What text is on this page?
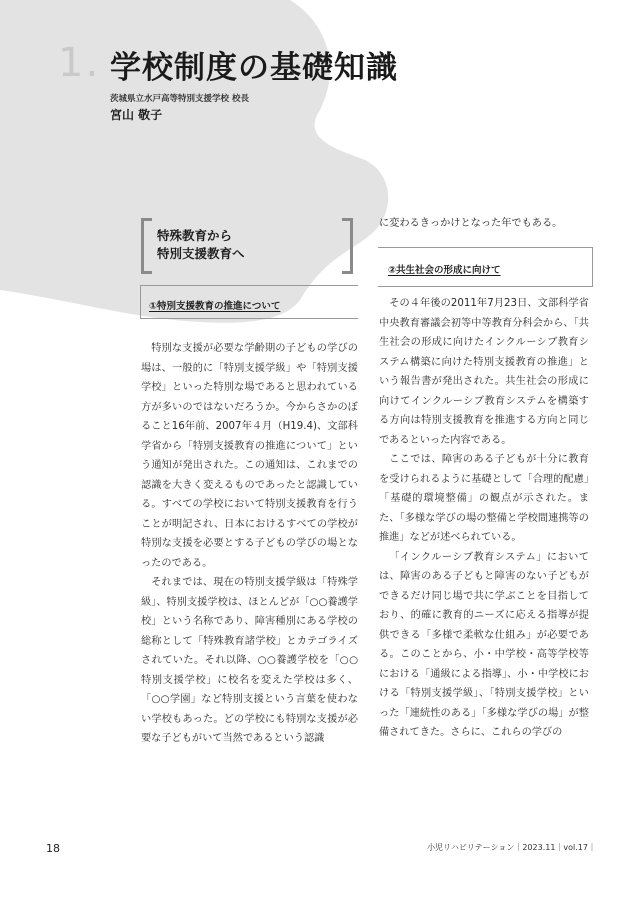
1. 学校制度の基礎知識
茨城県立水戸高等特別支援学校 校長
宮山 敬子
特殊教育から
特別支援教育へ
①特別支援教育の推進について

特別な支援が必要な学齢期の子どもの学びの場は、一般的に「特別支援学級」や「特別支援学校」といった特別な場であると思われている方が多いのではないだろうか。今からさかのぼること16年前、2007年４月（H19.4)、文部科学省から「特別支援教育の推進について」という通知が発出された。この通知は、これまでの認識を大きく変えるものであったと認識している。すべての学校において特別支援教育を行うことが明記され、日本におけるすべての学校が特別な支援を必要とする子どもの学びの場となったのである。

それまでは、現在の特別支援学級は「特殊学級」、特別支援学校は、ほとんどが「○○養護学校」という名称であり、障害種別にある学校の総称として「特殊教育諸学校」とカテゴライズされていた。それ以降、○○養護学校を「○○特別支援学校」に校名を変えた学校は多く、「○○学園」など特別支援という言葉を使わない学校もあった。どの学校にも特別な支援が必要な子どもがいて当然であるという認識

に変わるきっかけとなった年でもある。
②共生社会の形成に向けて

その４年後の2011年7月23日、文部科学省中央教育審議会初等中等教育分科会から、「共生社会の形成に向けたインクルーシブ教育システム構築に向けた特別支援教育の推進」という報告書が発出された。共生社会の形成に向けてインクルーシブ教育システムを構築する方向は特別支援教育を推進する方向と同じであるといった内容である。

ここでは、障害のある子どもが十分に教育を受けられるように基礎として「合理的配慮」「基礎的環境整備」の観点が示された。また、「多様な学びの場の整備と学校間連携等の推進」などが述べられている。

「インクルーシブ教育システム」においては、障害のある子どもと障害のない子どもができるだけ同じ場で共に学ぶことを目指しており、的確に教育的ニーズに応える指導が提供できる「多様で柔軟な仕組み」が必要である。このことから、小・中学校・高等学校等における「通級による指導」、小・中学校における「特別支援学級」、「特別支援学校」といった「連続性のある」「多様な学びの場」が整備されてきた。さらに、これらの学びの

18	小児リハビリテーション｜2023.11｜vol.17｜
